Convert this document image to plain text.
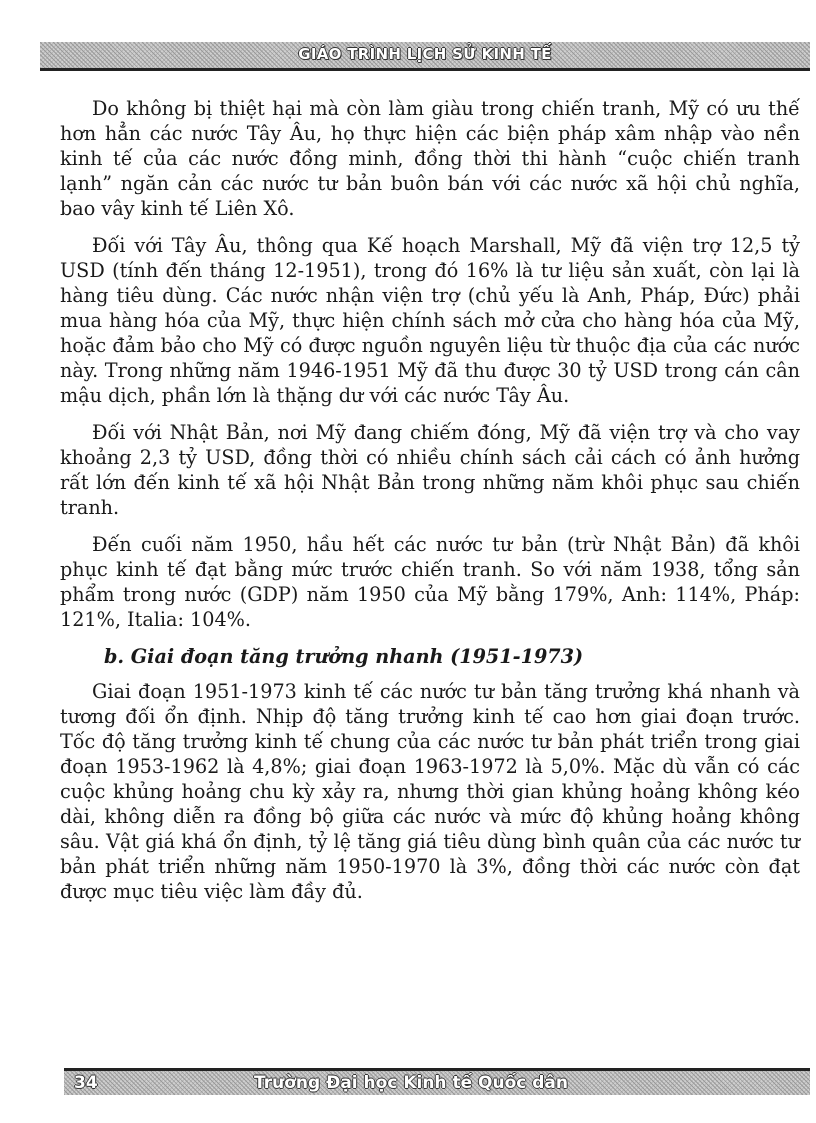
GIÁO TRÌNH LỊCH SỬ KINH TẾ

Do không bị thiệt hại mà còn làm giàu trong chiến tranh, Mỹ có ưu thế hơn hẳn các nước Tây Âu, họ thực hiện các biện pháp xâm nhập vào nền kinh tế của các nước đồng minh, đồng thời thi hành “cuộc chiến tranh lạnh” ngăn cản các nước tư bản buôn bán với các nước xã hội chủ nghĩa, bao vây kinh tế Liên Xô.

Đối với Tây Âu, thông qua Kế hoạch Marshall, Mỹ đã viện trợ 12,5 tỷ USD (tính đến tháng 12-1951), trong đó 16% là tư liệu sản xuất, còn lại là hàng tiêu dùng. Các nước nhận viện trợ (chủ yếu là Anh, Pháp, Đức) phải mua hàng hóa của Mỹ, thực hiện chính sách mở cửa cho hàng hóa của Mỹ, hoặc đảm bảo cho Mỹ có được nguồn nguyên liệu từ thuộc địa của các nước này. Trong những năm 1946-1951 Mỹ đã thu được 30 tỷ USD trong cán cân mậu dịch, phần lớn là thặng dư với các nước Tây Âu.

Đối với Nhật Bản, nơi Mỹ đang chiếm đóng, Mỹ đã viện trợ và cho vay khoảng 2,3 tỷ USD, đồng thời có nhiều chính sách cải cách có ảnh hưởng rất lớn đến kinh tế xã hội Nhật Bản trong những năm khôi phục sau chiến tranh.

Đến cuối năm 1950, hầu hết các nước tư bản (trừ Nhật Bản) đã khôi phục kinh tế đạt bằng mức trước chiến tranh. So với năm 1938, tổng sản phẩm trong nước (GDP) năm 1950 của Mỹ bằng 179%, Anh: 114%, Pháp: 121%, Italia: 104%.

b. Giai đoạn tăng trưởng nhanh (1951-1973)

Giai đoạn 1951-1973 kinh tế các nước tư bản tăng trưởng khá nhanh và tương đối ổn định. Nhịp độ tăng trưởng kinh tế cao hơn giai đoạn trước. Tốc độ tăng trưởng kinh tế chung của các nước tư bản phát triển trong giai đoạn 1953-1962 là 4,8%; giai đoạn 1963-1972 là 5,0%. Mặc dù vẫn có các cuộc khủng hoảng chu kỳ xảy ra, nhưng thời gian khủng hoảng không kéo dài, không diễn ra đồng bộ giữa các nước và mức độ khủng hoảng không sâu. Vật giá khá ổn định, tỷ lệ tăng giá tiêu dùng bình quân của các nước tư bản phát triển những năm 1950-1970 là 3%, đồng thời các nước còn đạt được mục tiêu việc làm đầy đủ.

34	Trường Đại học Kinh tế Quốc dân
